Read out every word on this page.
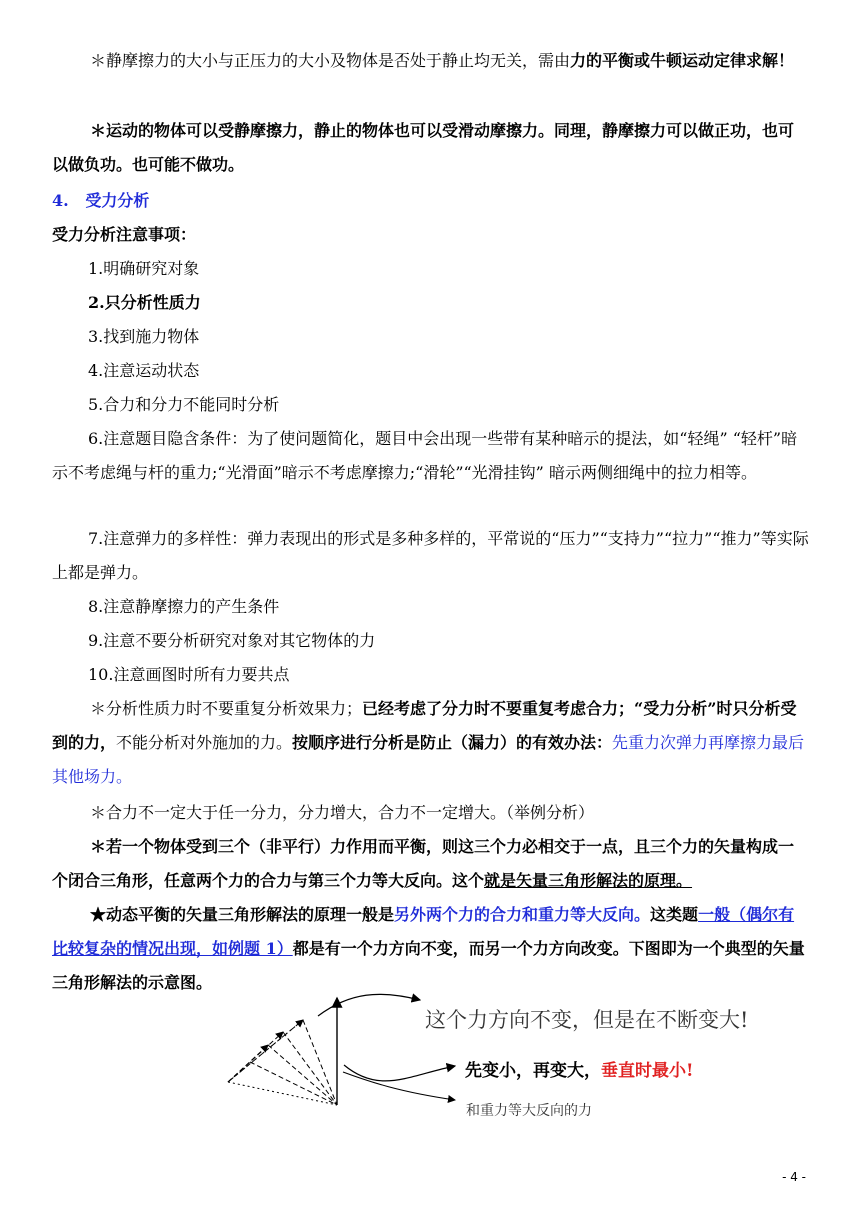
＊静摩擦力的大小与正压力的大小及物体是否处于静止均无关，需由力的平衡或牛顿运动定律求解！

＊运动的物体可以受静摩擦力，静止的物体也可以受滑动摩擦力。同理，静摩擦力可以做正功，也可以做负功。也可能不做功。

4. 受力分析

受力分析注意事项：

1.明确研究对象

2.只分析性质力

3.找到施力物体

4.注意运动状态

5.合力和分力不能同时分析

6.注意题目隐含条件：为了使问题简化，题目中会出现一些带有某种暗示的提法，如“轻绳” “轻杆”暗示不考虑绳与杆的重力;“光滑面”暗示不考虑摩擦力;“滑轮”“光滑挂钩” 暗示两侧细绳中的拉力相等。

7.注意弹力的多样性：弹力表现出的形式是多种多样的，平常说的“压力”“支持力”“拉力”“推力”等实际上都是弹力。

8.注意静摩擦力的产生条件

9.注意不要分析研究对象对其它物体的力

10.注意画图时所有力要共点

＊分析性质力时不要重复分析效果力；已经考虑了分力时不要重复考虑合力；“受力分析”时只分析受到的力，不能分析对外施加的力。按顺序进行分析是防止（漏力）的有效办法：先重力次弹力再摩擦力最后其他场力。

＊合力不一定大于任一分力，分力增大，合力不一定增大。（举例分析）

＊若一个物体受到三个（非平行）力作用而平衡，则这三个力必相交于一点，且三个力的矢量构成一个闭合三角形，任意两个力的合力与第三个力等大反向。这个就是矢量三角形解法的原理。

★动态平衡的矢量三角形解法的原理一般是另外两个力的合力和重力等大反向。这类题一般（偶尔有比较复杂的情况出现，如例题 1）都是有一个力方向不变，而另一个力方向改变。下图即为一个典型的矢量三角形解法的示意图。

这个力方向不变，但是在不断变大!

先变小，再变大，垂直时最小!

和重力等大反向的力

- 4 -
